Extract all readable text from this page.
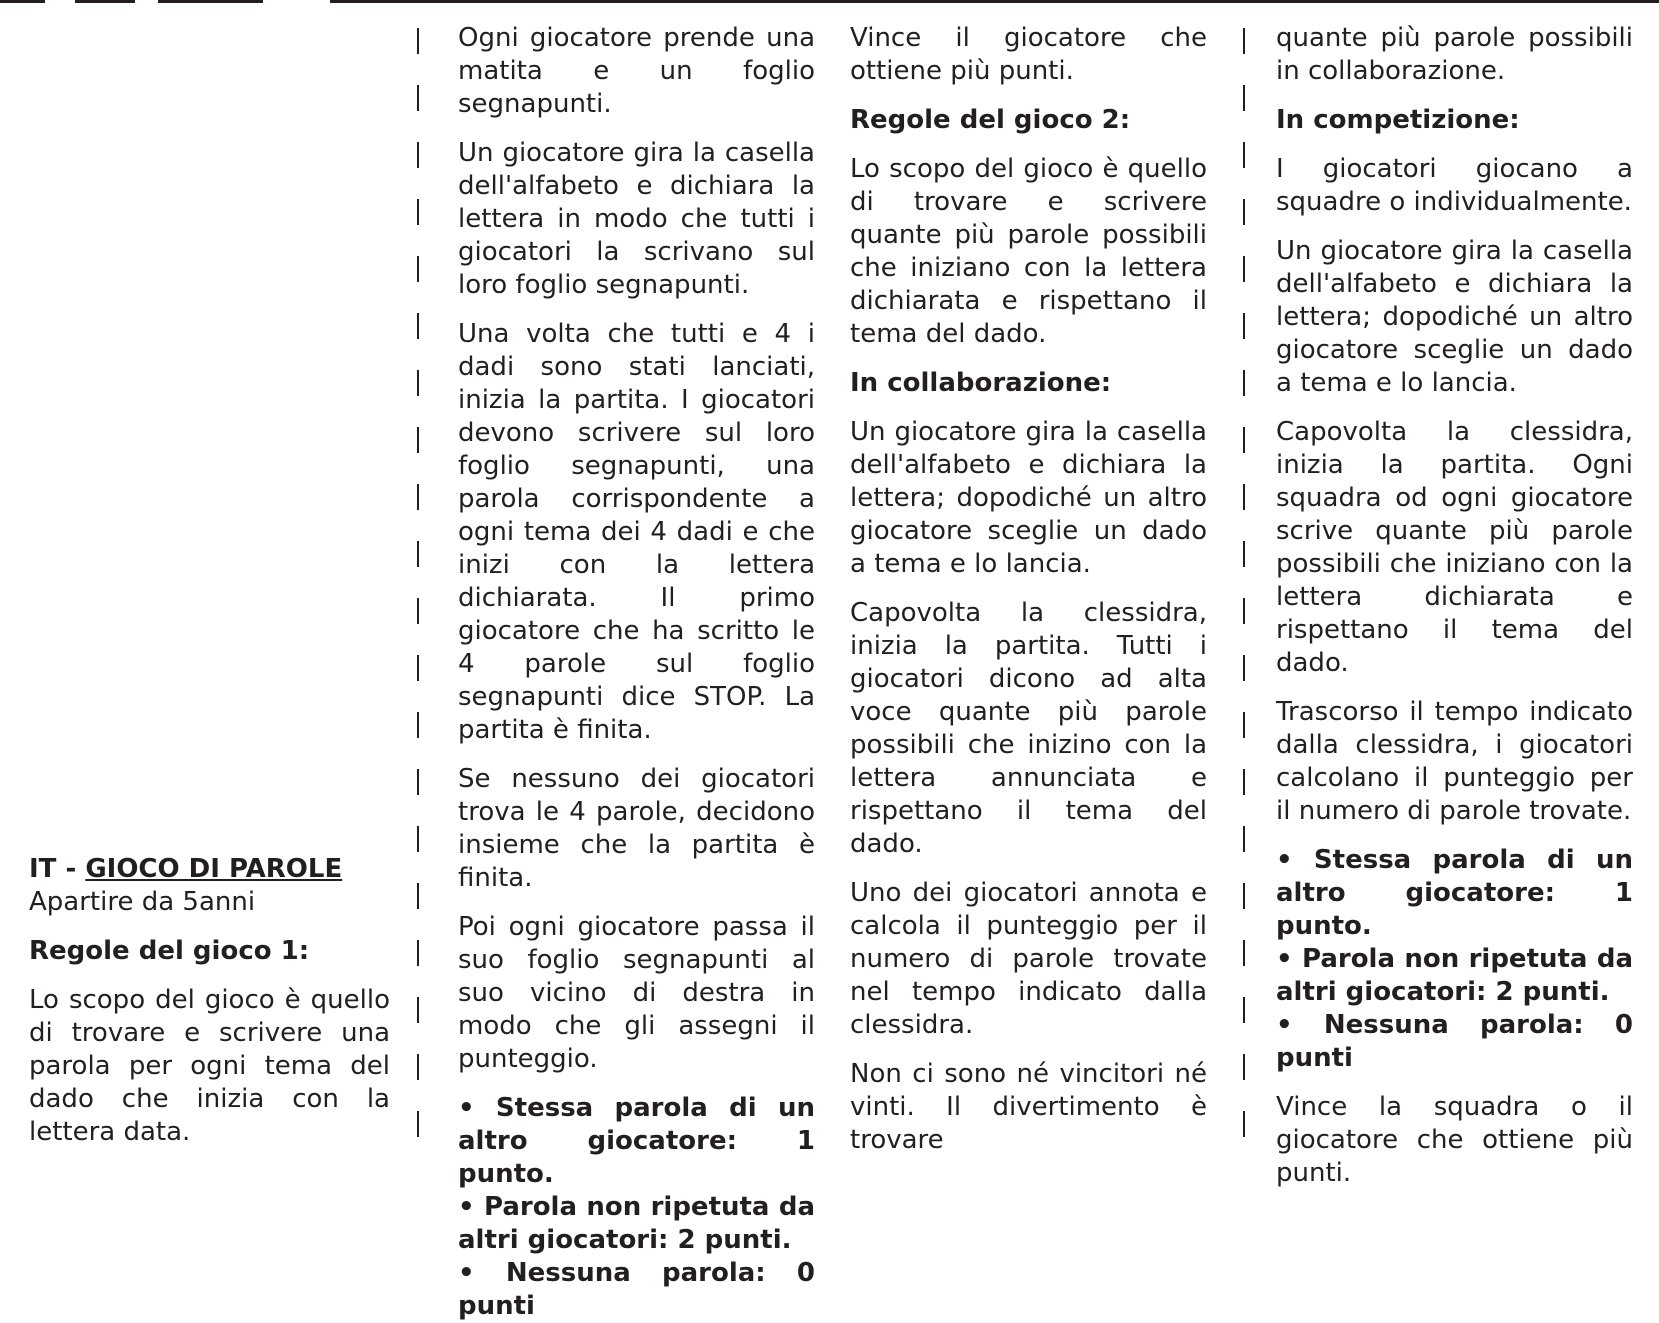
IT - GIOCO DI PAROLE

Apartire da 5anni

Regole del gioco 1:

Lo scopo del gioco è quello di trovare e scrivere una parola per ogni tema del dado che inizia con la lettera data.

Ogni giocatore prende una matita e un foglio segnapunti.

Un giocatore gira la casella dell'alfabeto e dichiara la lettera in modo che tutti i giocatori la scrivano sul loro foglio segnapunti.

Una volta che tutti e 4 i dadi sono stati lanciati, inizia la partita. I giocatori devono scrivere sul loro foglio segnapunti, una parola corrispondente a ogni tema dei 4 dadi e che inizi con la lettera dichiarata. Il primo giocatore che ha scritto le 4 parole sul foglio segnapunti dice STOP. La partita è finita.

Se nessuno dei giocatori trova le 4 parole, decidono insieme che la partita è finita.

Poi ogni giocatore passa il suo foglio segnapunti al suo vicino di destra in modo che gli assegni il punteggio.

• Stessa parola di un altro giocatore: 1 punto.
• Parola non ripetuta da altri giocatori: 2 punti.
• Nessuna parola: 0 punti

Vince il giocatore che ottiene più punti.

Regole del gioco 2:

Lo scopo del gioco è quello di trovare e scrivere quante più parole possibili che iniziano con la lettera dichiarata e rispettano il tema del dado.

In collaborazione:

Un giocatore gira la casella dell'alfabeto e dichiara la lettera; dopodiché un altro giocatore sceglie un dado a tema e lo lancia.

Capovolta la clessidra, inizia la partita. Tutti i giocatori dicono ad alta voce quante più parole possibili che inizino con la lettera annunciata e rispettano il tema del dado.

Uno dei giocatori annota e calcola il punteggio per il numero di parole trovate nel tempo indicato dalla clessidra.

Non ci sono né vincitori né vinti. Il divertimento è trovare

quante più parole possibili in collaborazione.

In competizione:

I giocatori giocano a squadre o individualmente.

Un giocatore gira la casella dell'alfabeto e dichiara la lettera; dopodiché un altro giocatore sceglie un dado a tema e lo lancia.

Capovolta la clessidra, inizia la partita. Ogni squadra od ogni giocatore scrive quante più parole possibili che iniziano con la lettera dichiarata e rispettano il tema del dado.

Trascorso il tempo indicato dalla clessidra, i giocatori calcolano il punteggio per il numero di parole trovate.

• Stessa parola di un altro giocatore: 1 punto.
• Parola non ripetuta da altri giocatori: 2 punti.
• Nessuna parola: 0 punti

Vince la squadra o il giocatore che ottiene più punti.
